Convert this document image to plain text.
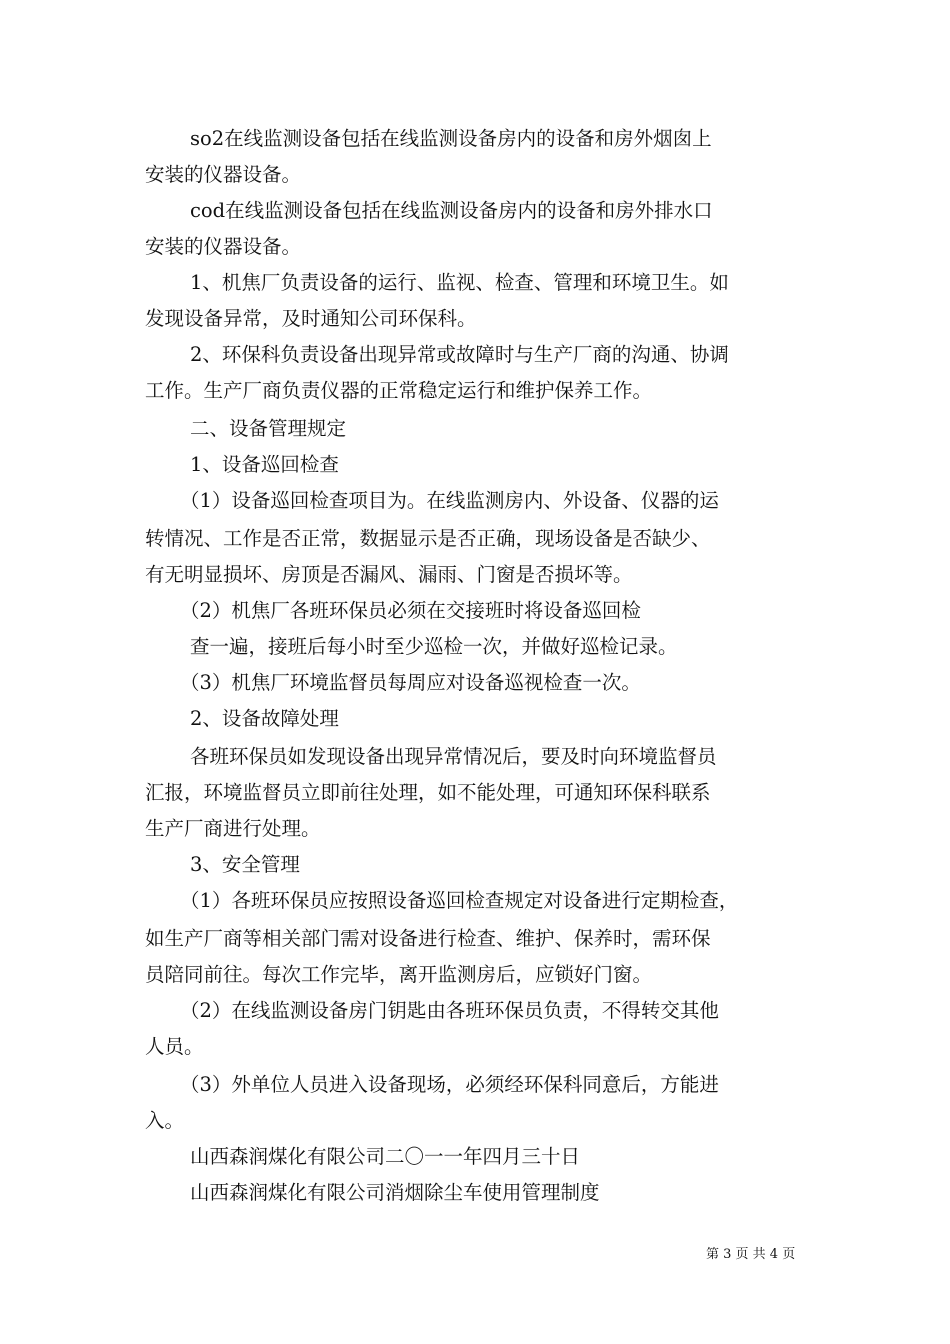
so2在线监测设备包括在线监测设备房内的设备和房外烟囱上
安装的仪器设备。
cod在线监测设备包括在线监测设备房内的设备和房外排水口
安装的仪器设备。
1、机焦厂负责设备的运行、监视、检查、管理和环境卫生。如
发现设备异常，及时通知公司环保科。
2、环保科负责设备出现异常或故障时与生产厂商的沟通、协调
工作。生产厂商负责仪器的正常稳定运行和维护保养工作。
二、设备管理规定
1、设备巡回检查
（1）设备巡回检查项目为。在线监测房内、外设备、仪器的运
转情况、工作是否正常，数据显示是否正确，现场设备是否缺少、
有无明显损坏、房顶是否漏风、漏雨、门窗是否损坏等。
（2）机焦厂各班环保员必须在交接班时将设备巡回检
查一遍，接班后每小时至少巡检一次，并做好巡检记录。
（3）机焦厂环境监督员每周应对设备巡视检查一次。
2、设备故障处理
各班环保员如发现设备出现异常情况后，要及时向环境监督员
汇报，环境监督员立即前往处理，如不能处理，可通知环保科联系
生产厂商进行处理。
3、安全管理
（1）各班环保员应按照设备巡回检查规定对设备进行定期检查，
如生产厂商等相关部门需对设备进行检查、维护、保养时，需环保
员陪同前往。每次工作完毕，离开监测房后，应锁好门窗。
（2）在线监测设备房门钥匙由各班环保员负责，不得转交其他
人员。
（3）外单位人员进入设备现场，必须经环保科同意后，方能进
入。
山西森润煤化有限公司二〇一一年四月三十日
山西森润煤化有限公司消烟除尘车使用管理制度
第 3 页 共 4 页
